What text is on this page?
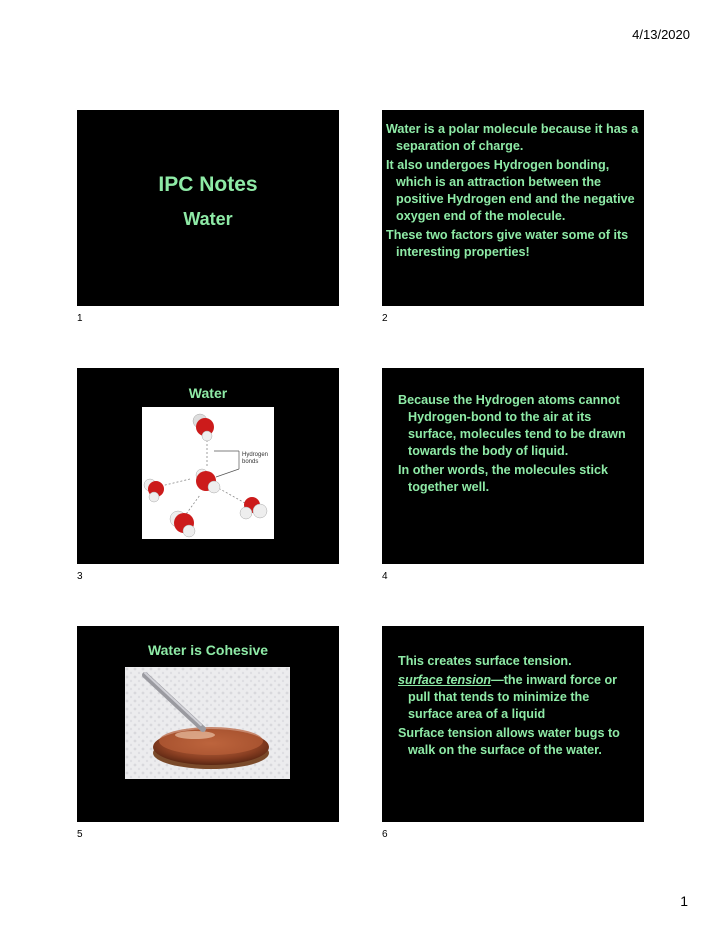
4/13/2020
IPC Notes
Water
1

Water is a polar molecule because it has a separation of charge.

It also undergoes Hydrogen bonding, which is an attraction between the positive Hydrogen end and the negative oxygen end of the molecule.

These two factors give water some of its interesting properties!

2
Water
Hydrogen
bonds
3

Because the Hydrogen atoms cannot Hydrogen-bond to the air at its surface, molecules tend to be drawn towards the body of liquid.

In other words, the molecules stick together well.

4
Water is Cohesive
5

This creates surface tension.

surface tension—the inward force or pull that tends to minimize the surface area of a liquid

Surface tension allows water bugs to walk on the surface of the water.

6
1
